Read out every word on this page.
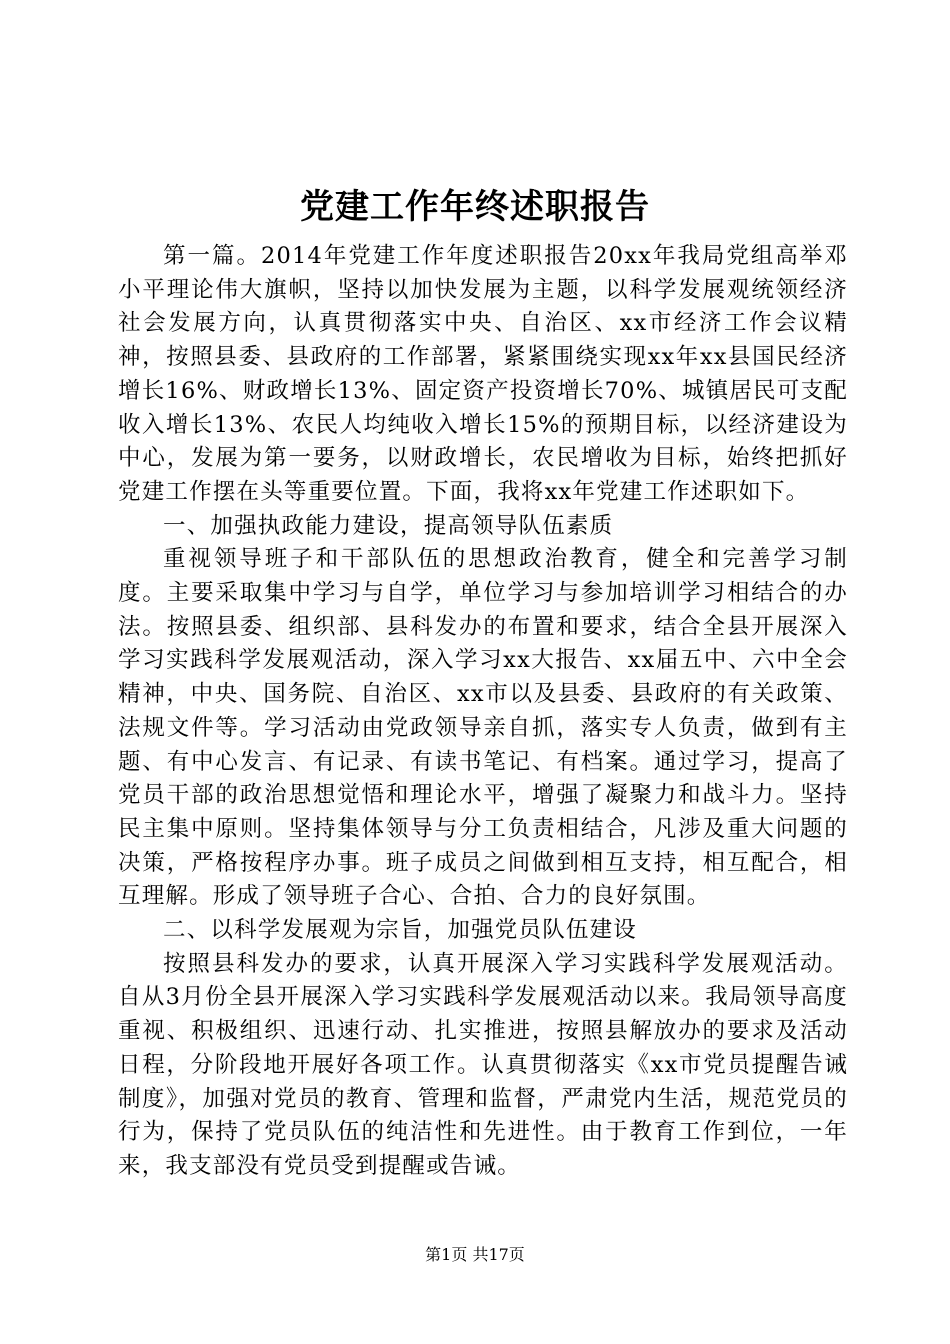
党建工作年终述职报告

第一篇。2014年党建工作年度述职报告20xx年我局党组高举邓小平理论伟大旗帜，坚持以加快发展为主题，以科学发展观统领经济社会发展方向，认真贯彻落实中央、自治区、xx市经济工作会议精神，按照县委、县政府的工作部署，紧紧围绕实现xx年xx县国民经济增长16%、财政增长13%、固定资产投资增长70%、城镇居民可支配收入增长13%、农民人均纯收入增长15%的预期目标，以经济建设为中心，发展为第一要务，以财政增长，农民增收为目标，始终把抓好党建工作摆在头等重要位置。下面，我将xx年党建工作述职如下。

一、加强执政能力建设，提高领导队伍素质

重视领导班子和干部队伍的思想政治教育，健全和完善学习制度。主要采取集中学习与自学，单位学习与参加培训学习相结合的办法。按照县委、组织部、县科发办的布置和要求，结合全县开展深入学习实践科学发展观活动，深入学习xx大报告、xx届五中、六中全会精神，中央、国务院、自治区、xx市以及县委、县政府的有关政策、法规文件等。学习活动由党政领导亲自抓，落实专人负责，做到有主题、有中心发言、有记录、有读书笔记、有档案。通过学习，提高了党员干部的政治思想觉悟和理论水平，增强了凝聚力和战斗力。坚持民主集中原则。坚持集体领导与分工负责相结合，凡涉及重大问题的决策，严格按程序办事。班子成员之间做到相互支持，相互配合，相互理解。形成了领导班子合心、合拍、合力的良好氛围。

二、以科学发展观为宗旨，加强党员队伍建设

按照县科发办的要求，认真开展深入学习实践科学发展观活动。自从3月份全县开展深入学习实践科学发展观活动以来。我局领导高度重视、积极组织、迅速行动、扎实推进，按照县解放办的要求及活动日程，分阶段地开展好各项工作。认真贯彻落实《xx市党员提醒告诫制度》，加强对党员的教育、管理和监督，严肃党内生活，规范党员的行为，保持了党员队伍的纯洁性和先进性。由于教育工作到位，一年来，我支部没有党员受到提醒或告诫。

第1页 共17页
